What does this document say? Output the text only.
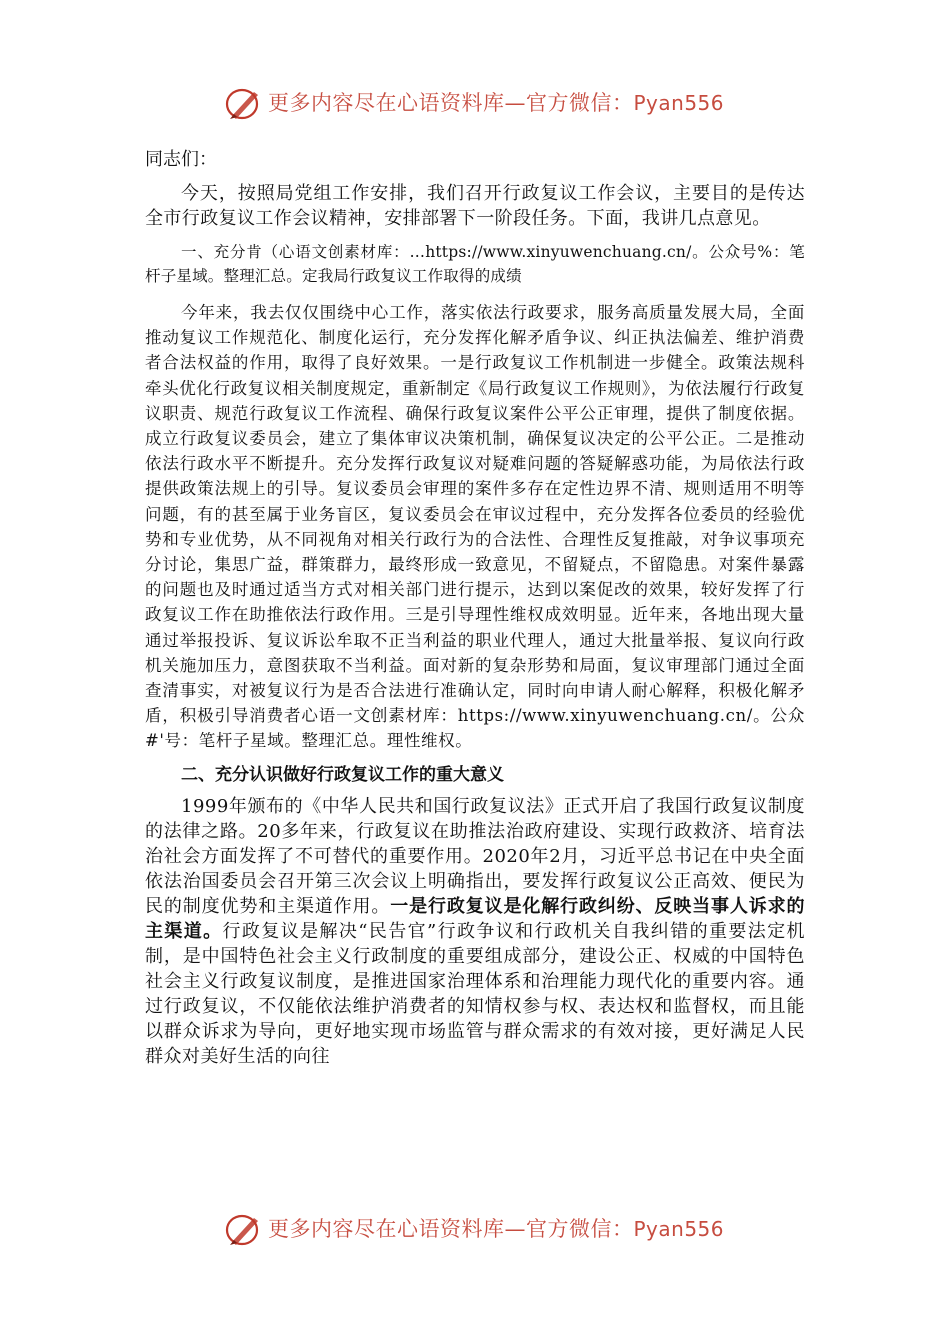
更多内容尽在心语资料库—官方微信：Pyan556

同志们：

今天，按照局党组工作安排，我们召开行政复议工作会议，主要目的是传达全市行政复议工作会议精神，安排部署下一阶段任务。下面，我讲几点意见。

一、充分肯（心语文创素材库：…https://www.xinyuwenchuang.cn/。公众号%：笔杆子星域。整理汇总。定我局行政复议工作取得的成绩

今年来，我去仅仅围绕中心工作，落实依法行政要求，服务高质量发展大局，全面推动复议工作规范化、制度化运行，充分发挥化解矛盾争议、纠正执法偏差、维护消费者合法权益的作用，取得了良好效果。一是行政复议工作机制进一步健全。政策法规科牵头优化行政复议相关制度规定，重新制定《局行政复议工作规则》，为依法履行行政复议职责、规范行政复议工作流程、确保行政复议案件公平公正审理，提供了制度依据。成立行政复议委员会，建立了集体审议决策机制，确保复议决定的公平公正。二是推动依法行政水平不断提升。充分发挥行政复议对疑难问题的答疑解惑功能，为局依法行政提供政策法规上的引导。复议委员会审理的案件多存在定性边界不清、规则适用不明等问题，有的甚至属于业务盲区，复议委员会在审议过程中，充分发挥各位委员的经验优势和专业优势，从不同视角对相关行政行为的合法性、合理性反复推敲，对争议事项充分讨论，集思广益，群策群力，最终形成一致意见，不留疑点，不留隐患。对案件暴露的问题也及时通过适当方式对相关部门进行提示，达到以案促改的效果，较好发挥了行政复议工作在助推依法行政作用。三是引导理性维权成效明显。近年来，各地出现大量通过举报投诉、复议诉讼牟取不正当利益的职业代理人，通过大批量举报、复议向行政机关施加压力，意图获取不当利益。面对新的复杂形势和局面，复议审理部门通过全面查清事实，对被复议行为是否合法进行准确认定，同时向申请人耐心解释，积极化解矛盾，积极引导消费者心语一文创素材库：https://www.xinyuwenchuang.cn/。公众#'号：笔杆子星域。整理汇总。理性维权。

二、充分认识做好行政复议工作的重大意义

1999年颁布的《中华人民共和国行政复议法》正式开启了我国行政复议制度的法律之路。20多年来，行政复议在助推法治政府建设、实现行政救济、培育法治社会方面发挥了不可替代的重要作用。2020年2月，习近平总书记在中央全面依法治国委员会召开第三次会议上明确指出，要发挥行政复议公正高效、便民为民的制度优势和主渠道作用。一是行政复议是化解行政纠纷、反映当事人诉求的主渠道。行政复议是解决“民告官”行政争议和行政机关自我纠错的重要法定机制，是中国特色社会主义行政制度的重要组成部分，建设公正、权威的中国特色社会主义行政复议制度，是推进国家治理体系和治理能力现代化的重要内容。通过行政复议，不仅能依法维护消费者的知情权参与权、表达权和监督权，而且能以群众诉求为导向，更好地实现市场监管与群众需求的有效对接，更好满足人民群众对美好生活的向往

更多内容尽在心语资料库—官方微信：Pyan556
